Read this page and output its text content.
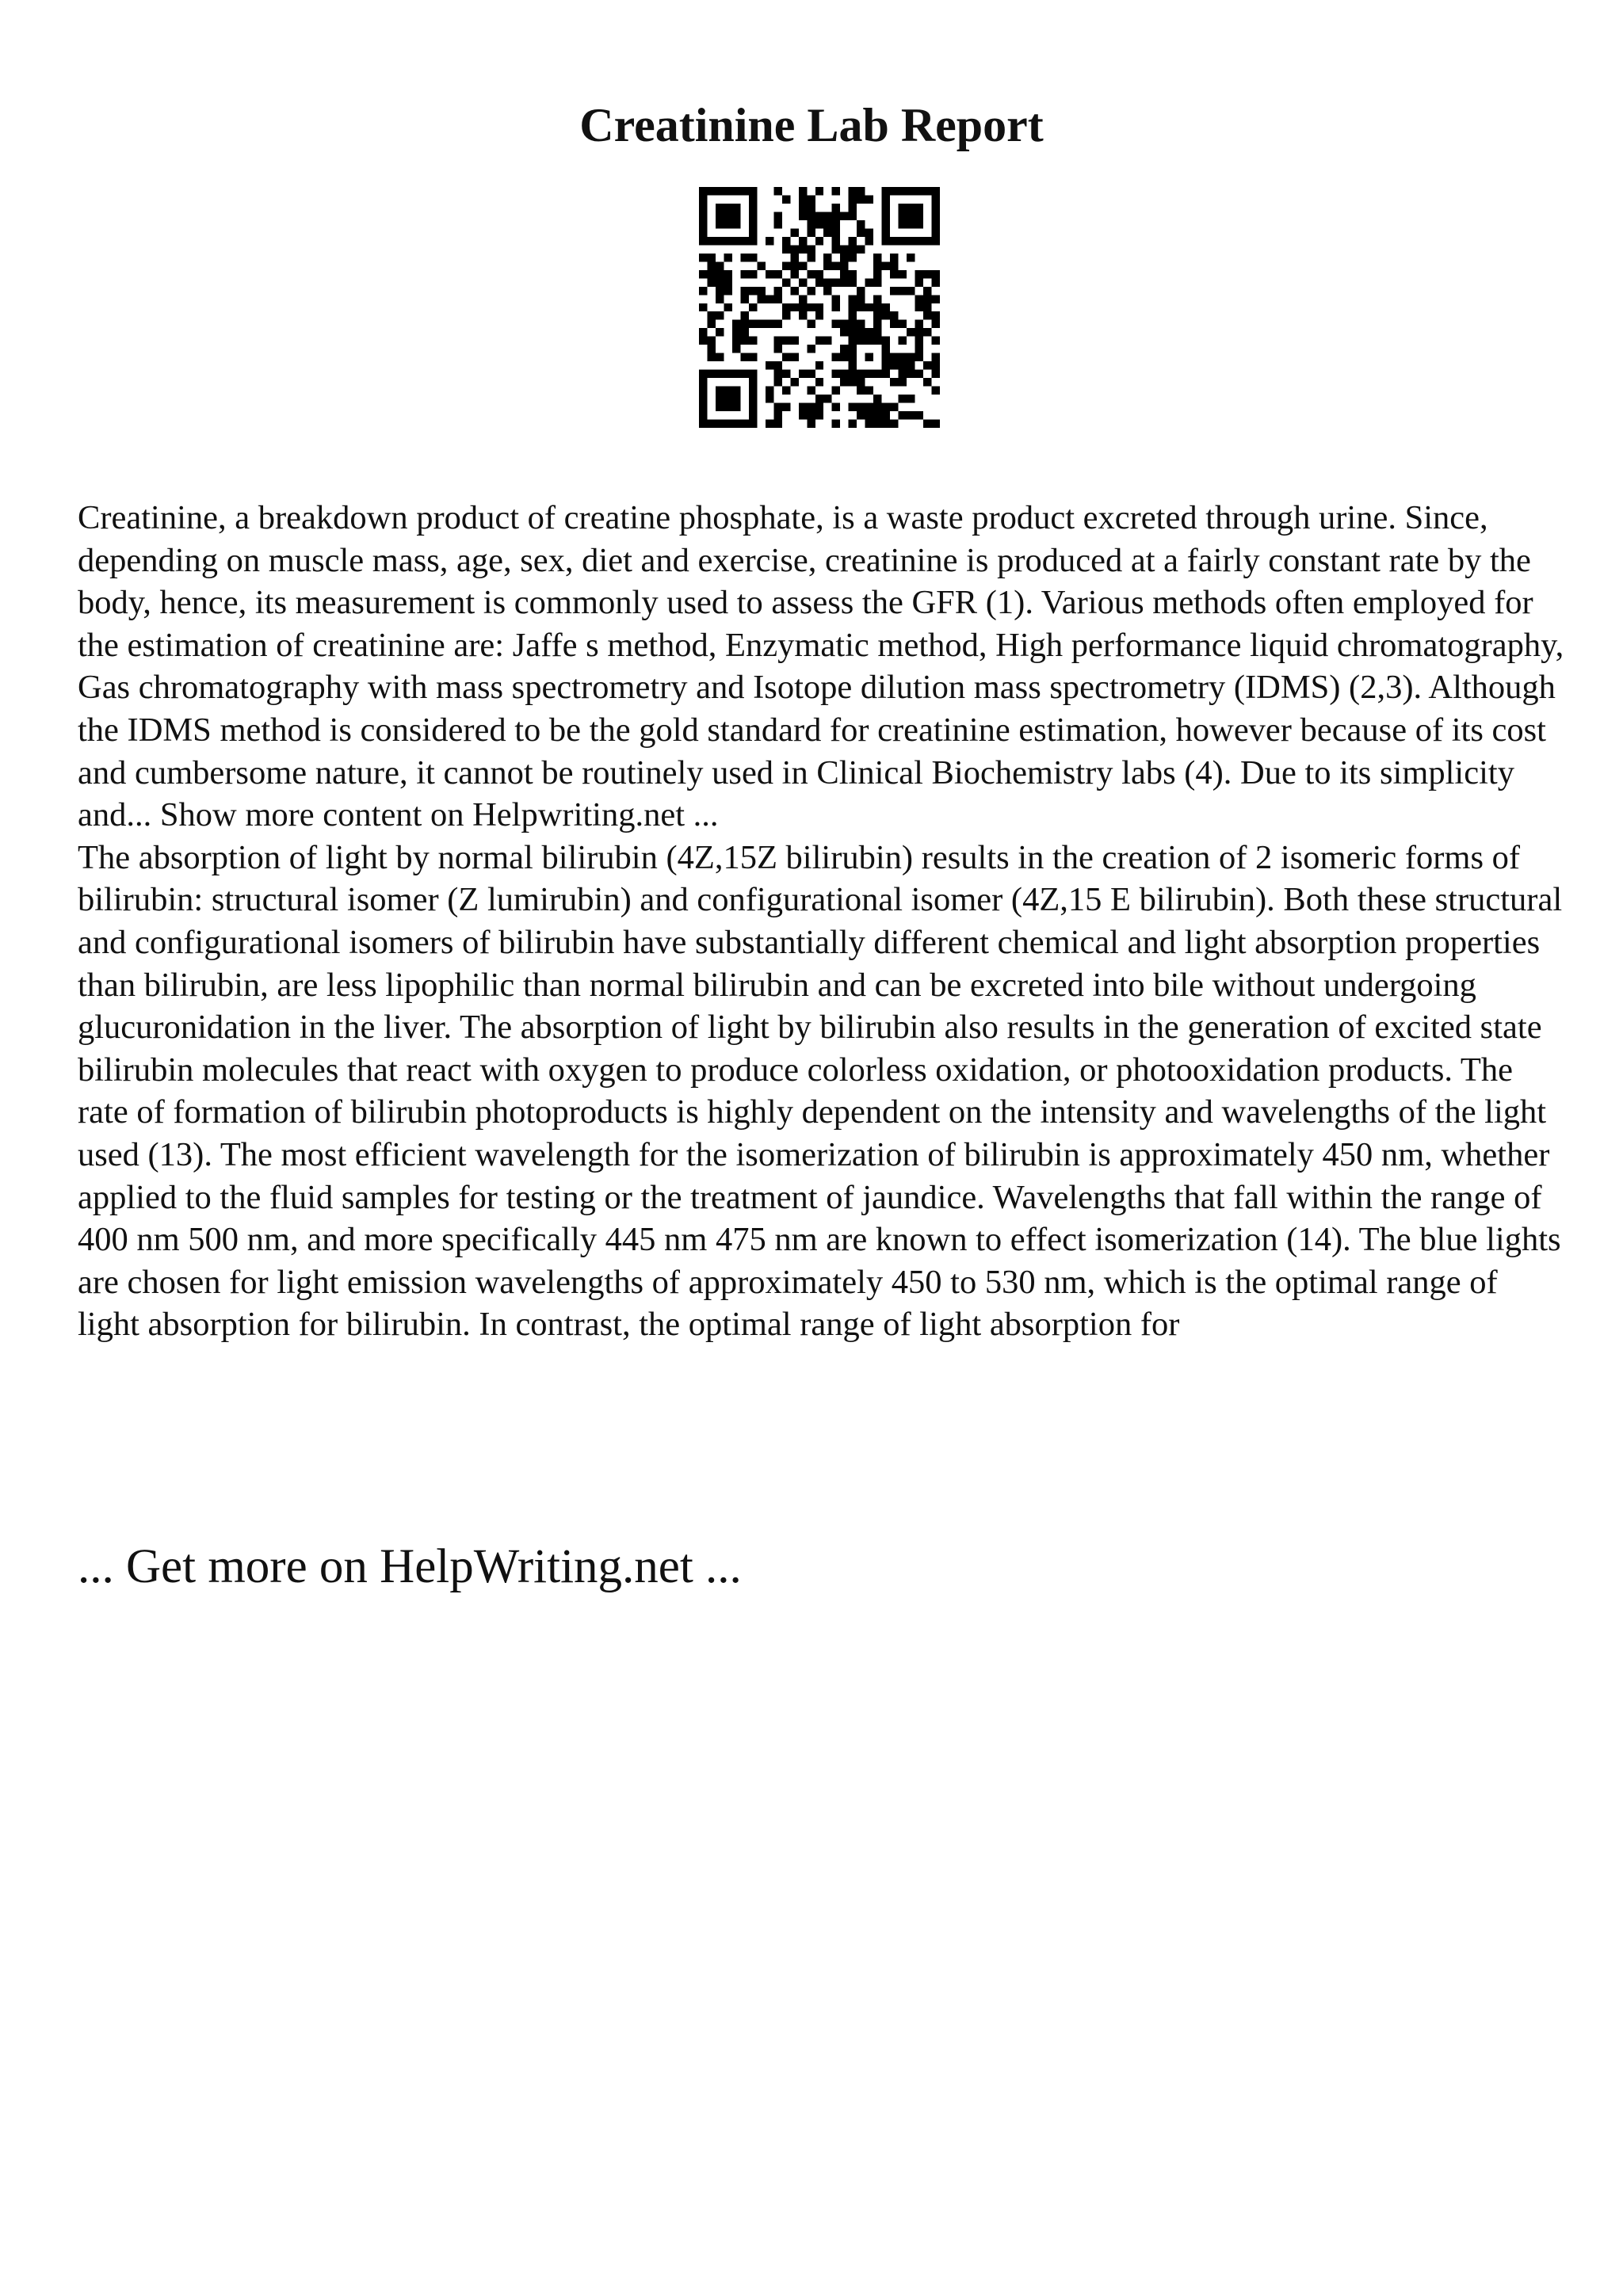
Creatinine Lab Report

Creatinine, a breakdown product of creatine phosphate, is a waste product excreted through urine. Since, depending on muscle mass, age, sex, diet and exercise, creatinine is produced at a fairly constant rate by the body, hence, its measurement is commonly used to assess the GFR (1). Various methods often employed for the estimation of creatinine are: Jaffe s method, Enzymatic method, High performance liquid chromatography, Gas chromatography with mass spectrometry and Isotope dilution mass spectrometry (IDMS) (2,3). Although the IDMS method is considered to be the gold standard for creatinine estimation, however because of its cost and cumbersome nature, it cannot be routinely used in Clinical Biochemistry labs (4). Due to its simplicity and... Show more content on Helpwriting.net ...

The absorption of light by normal bilirubin (4Z,15Z bilirubin) results in the creation of 2 isomeric forms of bilirubin: structural isomer (Z lumirubin) and configurational isomer (4Z,15 E bilirubin). Both these structural and configurational isomers of bilirubin have substantially different chemical and light absorption properties than bilirubin, are less lipophilic than normal bilirubin and can be excreted into bile without undergoing glucuronidation in the liver. The absorption of light by bilirubin also results in the generation of excited state bilirubin molecules that react with oxygen to produce colorless oxidation, or photooxidation products. The rate of formation of bilirubin photoproducts is highly dependent on the intensity and wavelengths of the light used (13). The most efficient wavelength for the isomerization of bilirubin is approximately 450 nm, whether applied to the fluid samples for testing or the treatment of jaundice. Wavelengths that fall within the range of 400 nm 500 nm, and more specifically 445 nm 475 nm are known to effect isomerization (14). The blue lights are chosen for light emission wavelengths of approximately 450 to 530 nm, which is the optimal range of light absorption for bilirubin. In contrast, the optimal range of light absorption for

... Get more on HelpWriting.net ...
